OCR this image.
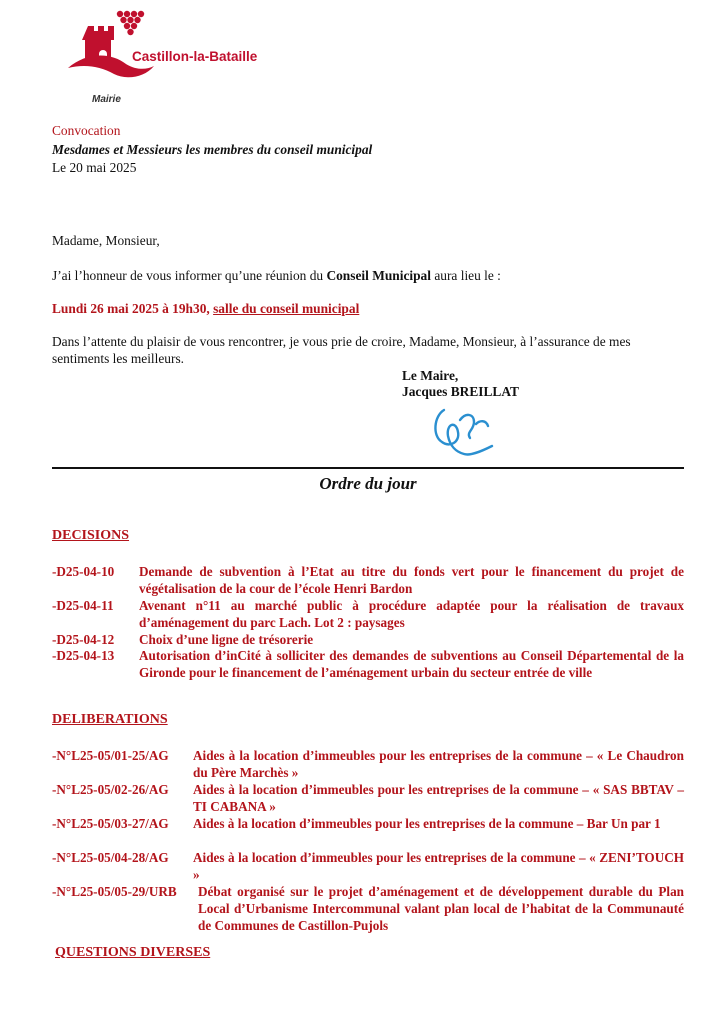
Castillon-la-Bataille
Mairie
Convocation
Mesdames et Messieurs les membres du conseil municipal
Le 20 mai 2025
Madame, Monsieur,
J’ai l’honneur de vous informer qu’une réunion du Conseil Municipal aura lieu le :
Lundi 26 mai 2025 à 19h30, salle du conseil municipal
Dans l’attente du plaisir de vous rencontrer, je vous prie de croire, Madame, Monsieur, à l’assurance de mes sentiments les meilleurs.
Le Maire,
Jacques BREILLAT
Ordre du jour
DECISIONS
-D25-04-10 Demande de subvention à l’Etat au titre du fonds vert pour le financement du projet de végétalisation de la cour de l’école Henri Bardon
-D25-04-11 Avenant n°11 au marché public à procédure adaptée pour la réalisation de travaux d’aménagement du parc Lach. Lot 2 : paysages
-D25-04-12 Choix d’une ligne de trésorerie
-D25-04-13 Autorisation d’inCité à solliciter des demandes de subventions au Conseil Départemental de la Gironde pour le financement de l’aménagement urbain du secteur entrée de ville
DELIBERATIONS
-N°L25-05/01-25/AG Aides à la location d’immeubles pour les entreprises de la commune – « Le Chaudron du Père Marchès »
-N°L25-05/02-26/AG Aides à la location d’immeubles pour les entreprises de la commune – « SAS BBTAV – TI CABANA »
-N°L25-05/03-27/AG Aides à la location d’immeubles pour les entreprises de la commune – Bar Un par 1
-N°L25-05/04-28/AG Aides à la location d’immeubles pour les entreprises de la commune – « ZENI’TOUCH »
-N°L25-05/05-29/URB Débat organisé sur le projet d’aménagement et de développement durable du Plan Local d’Urbanisme Intercommunal valant plan local de l’habitat de la Communauté de Communes de Castillon-Pujols
QUESTIONS DIVERSES
